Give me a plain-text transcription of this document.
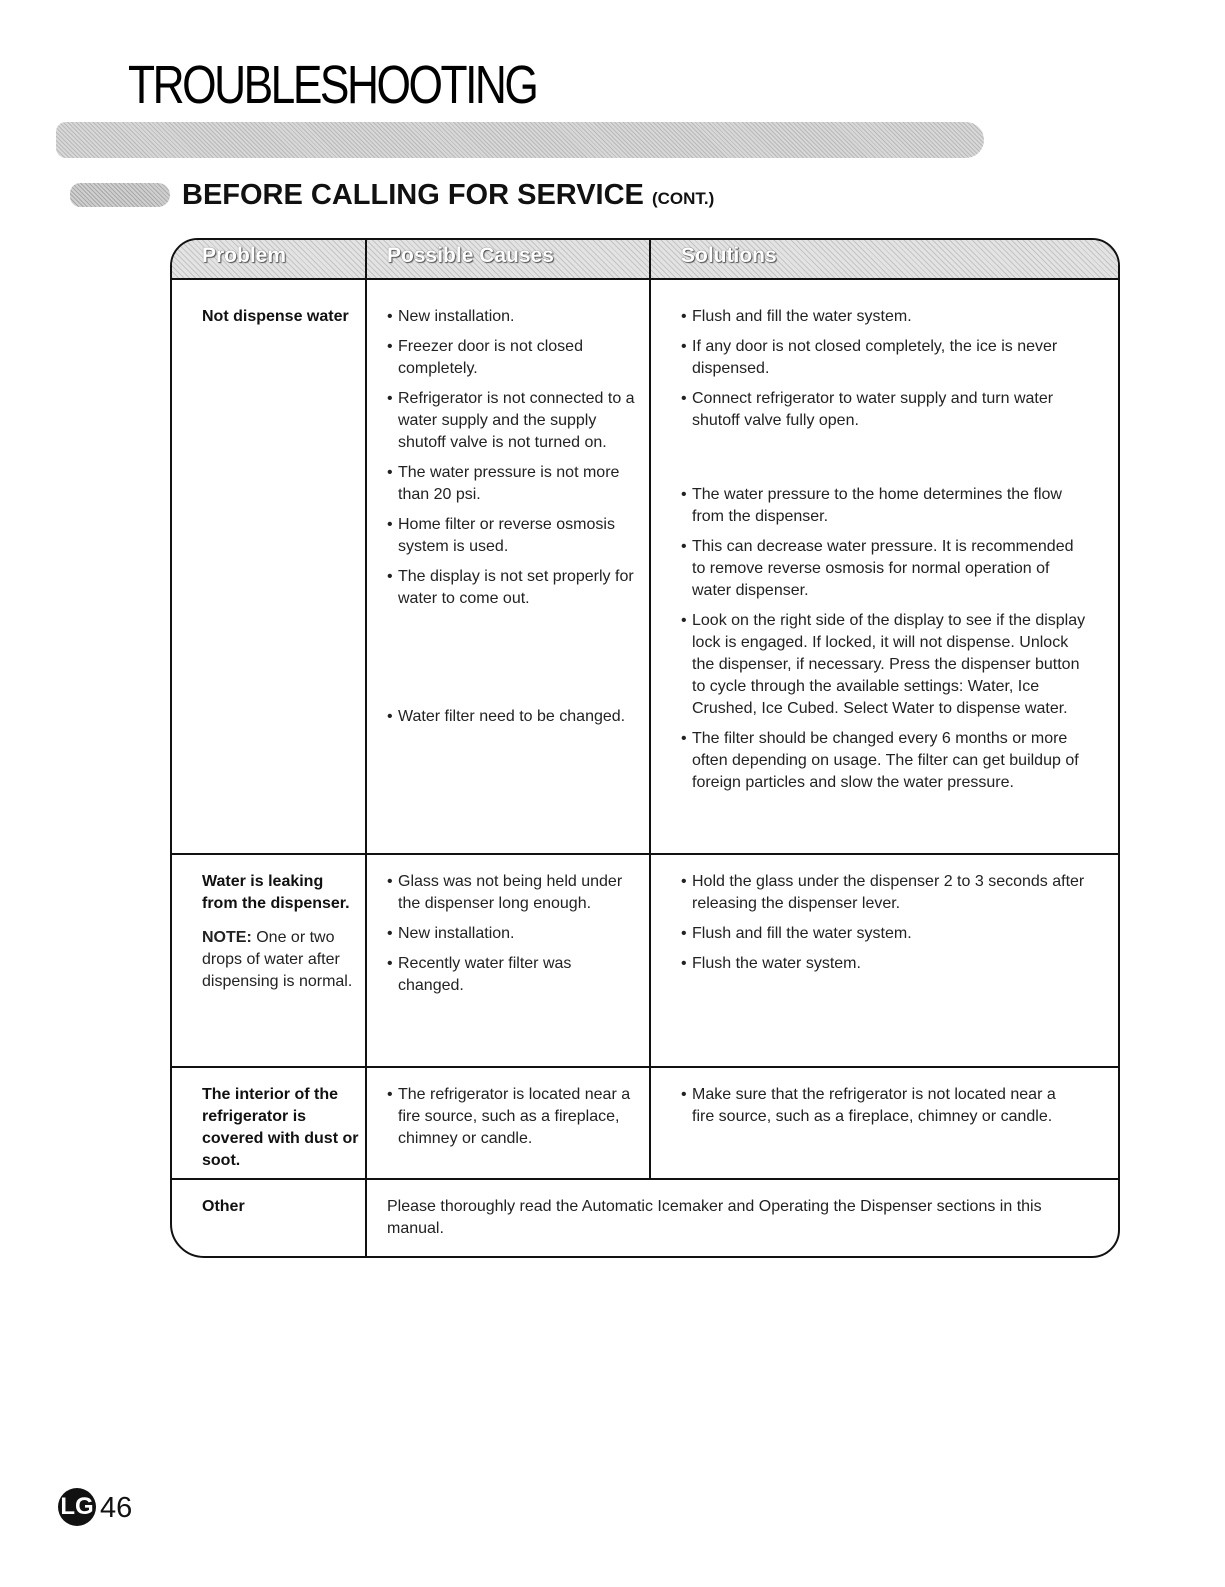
TROUBLESHOOTING
BEFORE CALLING FOR SERVICE (CONT.)
Problem	Possible Causes	Solutions
Not dispense water
•	New installation.
• Freezer door is not closed completely.
• Refrigerator is not connected to a water supply and the supply shutoff valve is not turned on.
• The water pressure is not more than 20 psi.
• Home filter or reverse osmosis system is used.
• The display is not set properly for water to come out.
• Water filter need to be changed.
• Flush and fill the water system.
• If any door is not closed completely, the ice is never dispensed.
• Connect refrigerator to water supply and turn water shutoff valve fully open.
• The water pressure to the home determines the flow from the dispenser.
• This can decrease water pressure. It is recommended to remove reverse osmosis for normal operation of water dispenser.
• Look on the right side of the display to see if the display lock is engaged. If locked, it will not dispense. Unlock the dispenser, if necessary. Press the dispenser button to cycle through the available settings: Water, Ice Crushed, Ice Cubed. Select Water to dispense water.
• The filter should be changed every 6 months or more often depending on usage. The filter can get buildup of foreign particles and slow the water pressure.
Water is leaking from the dispenser.
NOTE: One or two drops of water after dispensing is normal.
• Glass was not being held under the dispenser long enough.
• New installation.
• Recently water filter was changed.
• Hold the glass under the dispenser 2 to 3 seconds after releasing the dispenser lever.
• Flush and fill the water system.
• Flush the water system.
The interior of the refrigerator is covered with dust or soot.
• The refrigerator is located near a fire source, such as a fireplace, chimney or candle.
• Make sure that the refrigerator is not located near a fire source, such as a fireplace, chimney or candle.
Other	Please thoroughly read the Automatic Icemaker and Operating the Dispenser sections in this manual.
LG 46
